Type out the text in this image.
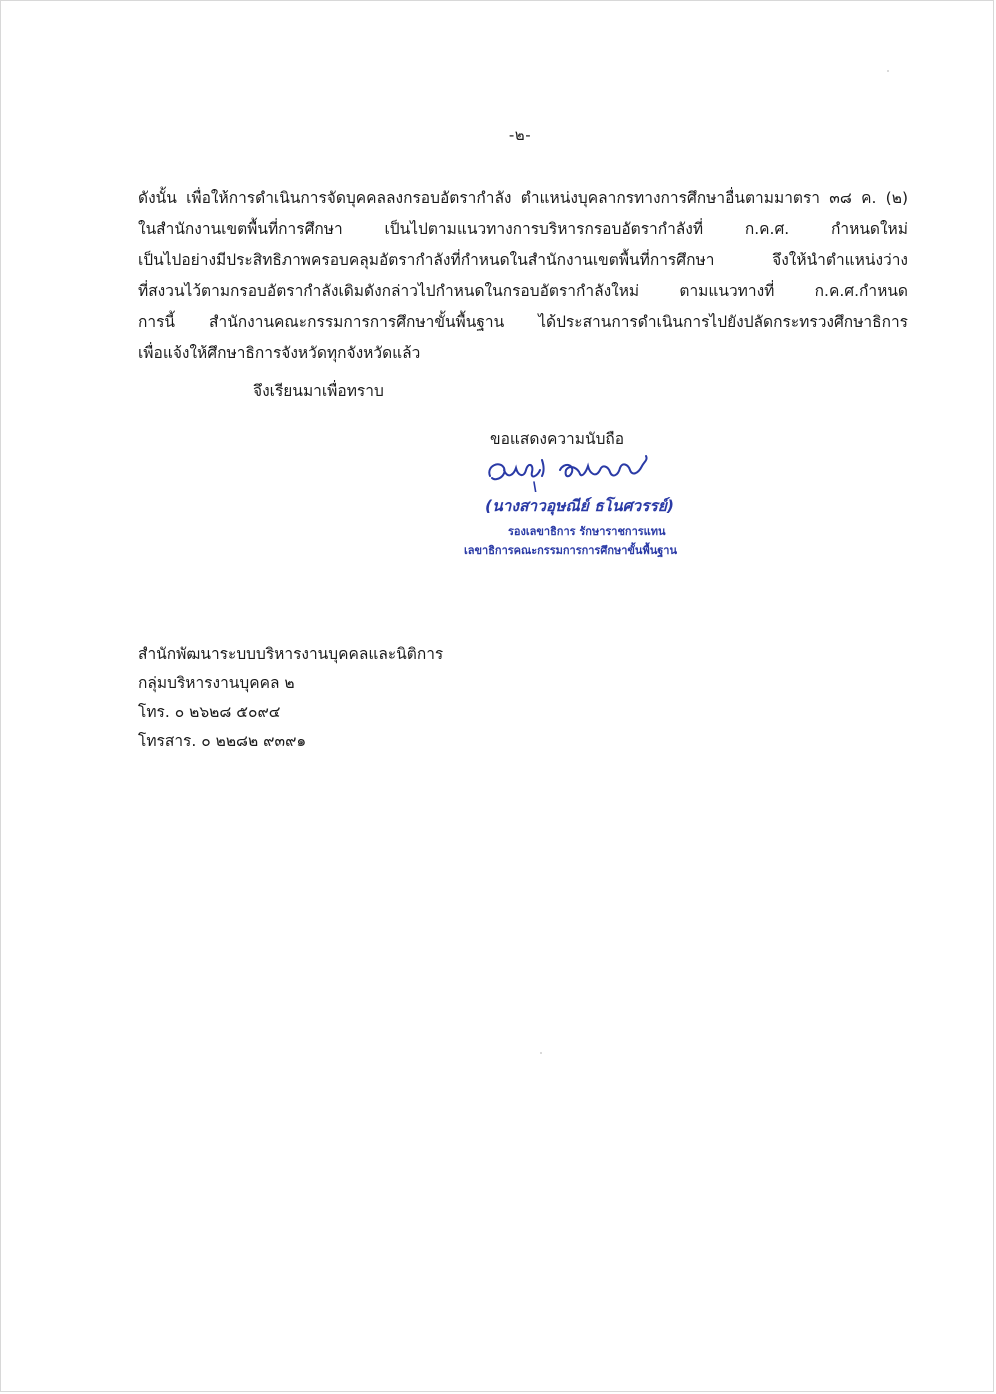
-๒-
ดังนั้น เพื่อให้การดำเนินการจัดบุคคลลงกรอบอัตรากำลัง ตำแหน่งบุคลากรทางการศึกษาอื่นตามมาตรา ๓๘ ค. (๒)
ในสำนักงานเขตพื้นที่การศึกษา เป็นไปตามแนวทางการบริหารกรอบอัตรากำลังที่ ก.ค.ศ. กำหนดใหม่
เป็นไปอย่างมีประสิทธิภาพครอบคลุมอัตรากำลังที่กำหนดในสำนักงานเขตพื้นที่การศึกษา จึงให้นำตำแหน่งว่าง
ที่สงวนไว้ตามกรอบอัตรากำลังเดิมดังกล่าวไปกำหนดในกรอบอัตรากำลังใหม่ ตามแนวทางที่ ก.ค.ศ.กำหนด
การนี้ สำนักงานคณะกรรมการการศึกษาขั้นพื้นฐาน ได้ประสานการดำเนินการไปยังปลัดกระทรวงศึกษาธิการ
เพื่อแจ้งให้ศึกษาธิการจังหวัดทุกจังหวัดแล้ว
จึงเรียนมาเพื่อทราบ
ขอแสดงความนับถือ
(นางสาวอุษณีย์ ธโนศวรรย์)
รองเลขาธิการ รักษาราชการแทน
เลขาธิการคณะกรรมการการศึกษาขั้นพื้นฐาน
สำนักพัฒนาระบบบริหารงานบุคคลและนิติการ
กลุ่มบริหารงานบุคคล ๒
โทร. ๐ ๒๖๒๘ ๕๐๙๔
โทรสาร. ๐ ๒๒๘๒ ๙๓๙๑
